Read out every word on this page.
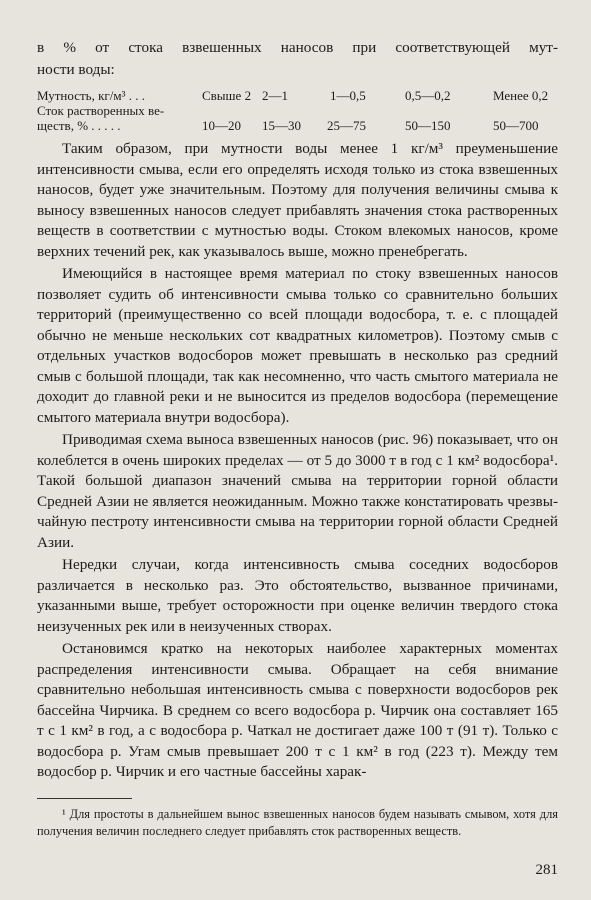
в % от стока взвешенных наносов при соответствующей мут-

ности воды:

Мутность, кг/м³ . . .	Свыше 2 2—1	1—0,5	0,5—0,2	Менее 0,2
Сток растворенных ве-
ществ, % . . . . .	10—20 15—30 25—75	50—150	50—700

Таким образом, при мутности воды менее 1 кг/м³ преуменьшение интенсивности смыва, если его определять исходя только из стока взвешенных наносов, будет уже значительным. Поэтому для получения величины смыва к выносу взвешенных наносов следует прибавлять значения стока растворенных веществ в соответствии с мутностью воды. Стоком влекомых наносов, кроме верхних течений рек, как указывалось выше, можно пренебрегать.

Имеющийся в настоящее время материал по стоку взвешенных наносов позволяет судить об интенсивности смыва только со сравнительно больших территорий (преимущественно со всей площади водосбора, т. е. с площадей обычно не меньше нескольких сот квадратных километров). Поэтому смыв с отдельных участков водосборов может превышать в несколько раз средний смыв с большой площади, так как несомненно, что часть смытого материала не доходит до главной реки и не выносится из пределов водосбора (перемещение смытого материала внутри водосбора).

Приводимая схема выноса взвешенных наносов (рис. 96) показывает, что он колеблется в очень широких пределах — от 5 до 3000 т в год с 1 км² водосбора¹. Такой большой диапазон значений смыва на территории горной области Средней Азии не является неожиданным. Можно также констатировать чрезвычайную пестроту интенсивности смыва на территории горной области Средней Азии.

Нередки случаи, когда интенсивность смыва соседних водосборов различается в несколько раз. Это обстоятельство, вызванное причинами, указанными выше, требует осторожности при оценке величин твердого стока неизученных рек или в неизученных створах.

Остановимся кратко на некоторых наиболее характерных моментах распределения интенсивности смыва. Обращает на себя внимание сравнительно небольшая интенсивность смыва с поверхности водосборов рек бассейна Чирчика. В среднем со всего водосбора р. Чирчик она составляет 165 т с 1 км² в год, а с водосбора р. Чаткал не достигает даже 100 т (91 т). Только с водосбора р. Угам смыв превышает 200 т с 1 км² в год (223 т). Между тем водосбор р. Чирчик и его частные бассейны харак-

¹ Для простоты в дальнейшем вынос взвешенных наносов будем называть смывом, хотя для получения величин последнего следует прибавлять сток растворенных веществ.

281
